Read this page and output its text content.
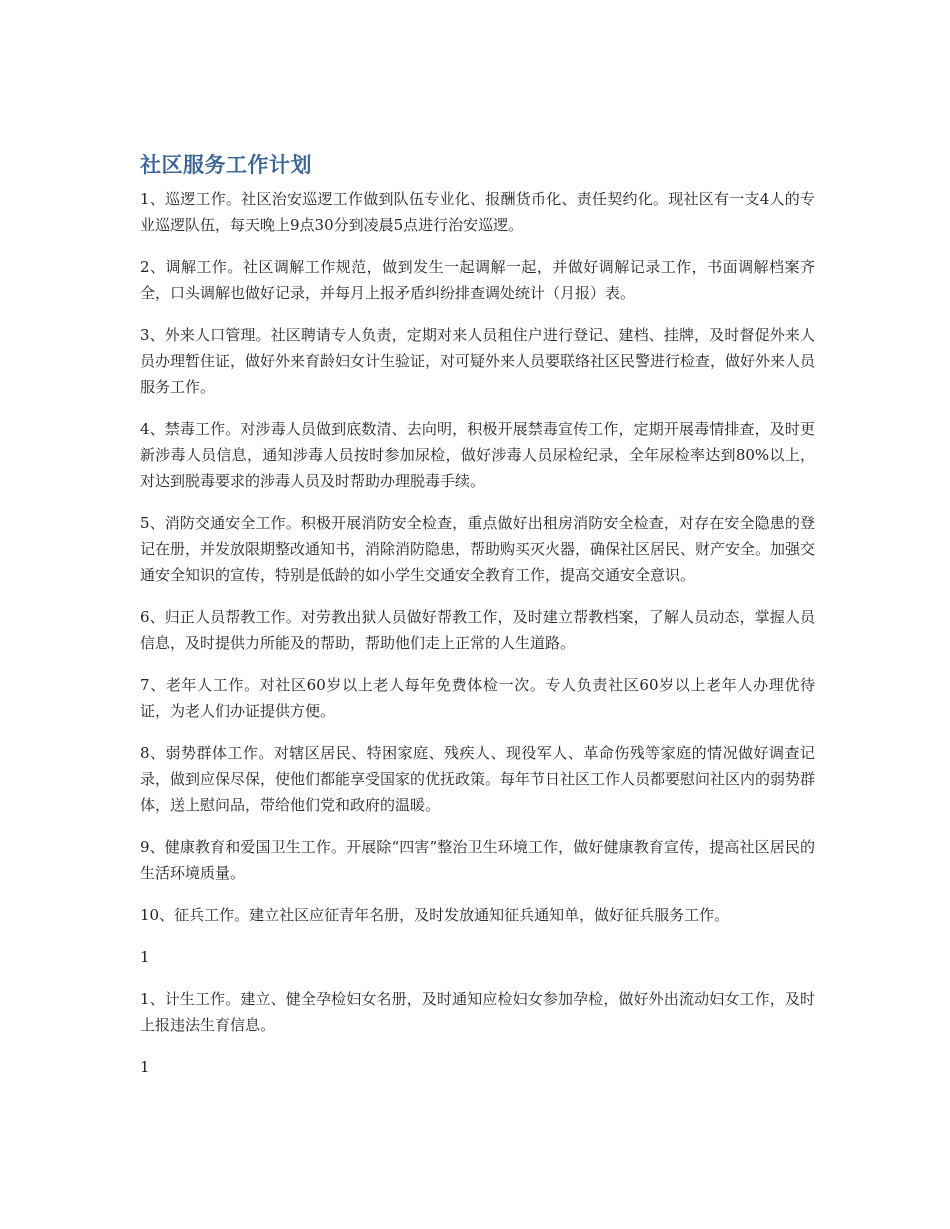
社区服务工作计划

1、巡逻工作。社区治安巡逻工作做到队伍专业化、报酬货币化、责任契约化。现社区有一支4人的专业巡逻队伍，每天晚上9点30分到凌晨5点进行治安巡逻。

2、调解工作。社区调解工作规范，做到发生一起调解一起，并做好调解记录工作，书面调解档案齐全，口头调解也做好记录，并每月上报矛盾纠纷排查调处统计（月报）表。

3、外来人口管理。社区聘请专人负责，定期对来人员租住户进行登记、建档、挂牌，及时督促外来人员办理暂住证，做好外来育龄妇女计生验证，对可疑外来人员要联络社区民警进行检查，做好外来人员服务工作。

4、禁毒工作。对涉毒人员做到底数清、去向明，积极开展禁毒宣传工作，定期开展毒情排查，及时更新涉毒人员信息，通知涉毒人员按时参加尿检，做好涉毒人员尿检纪录，全年尿检率达到80%以上，对达到脱毒要求的涉毒人员及时帮助办理脱毒手续。

5、消防交通安全工作。积极开展消防安全检查，重点做好出租房消防安全检查，对存在安全隐患的登记在册，并发放限期整改通知书，消除消防隐患，帮助购买灭火器，确保社区居民、财产安全。加强交通安全知识的宣传，特别是低龄的如小学生交通安全教育工作，提高交通安全意识。

6、归正人员帮教工作。对劳教出狱人员做好帮教工作，及时建立帮教档案，了解人员动态，掌握人员信息，及时提供力所能及的帮助，帮助他们走上正常的人生道路。

7、老年人工作。对社区60岁以上老人每年免费体检一次。专人负责社区60岁以上老年人办理优待证，为老人们办证提供方便。

8、弱势群体工作。对辖区居民、特困家庭、残疾人、现役军人、革命伤残等家庭的情况做好调查记录，做到应保尽保，使他们都能享受国家的优抚政策。每年节日社区工作人员都要慰问社区内的弱势群体，送上慰问品，带给他们党和政府的温暖。

9、健康教育和爱国卫生工作。开展除“四害”整治卫生环境工作，做好健康教育宣传，提高社区居民的生活环境质量。

10、征兵工作。建立社区应征青年名册，及时发放通知征兵通知单，做好征兵服务工作。

1

1、计生工作。建立、健全孕检妇女名册，及时通知应检妇女参加孕检，做好外出流动妇女工作，及时上报违法生育信息。

1
